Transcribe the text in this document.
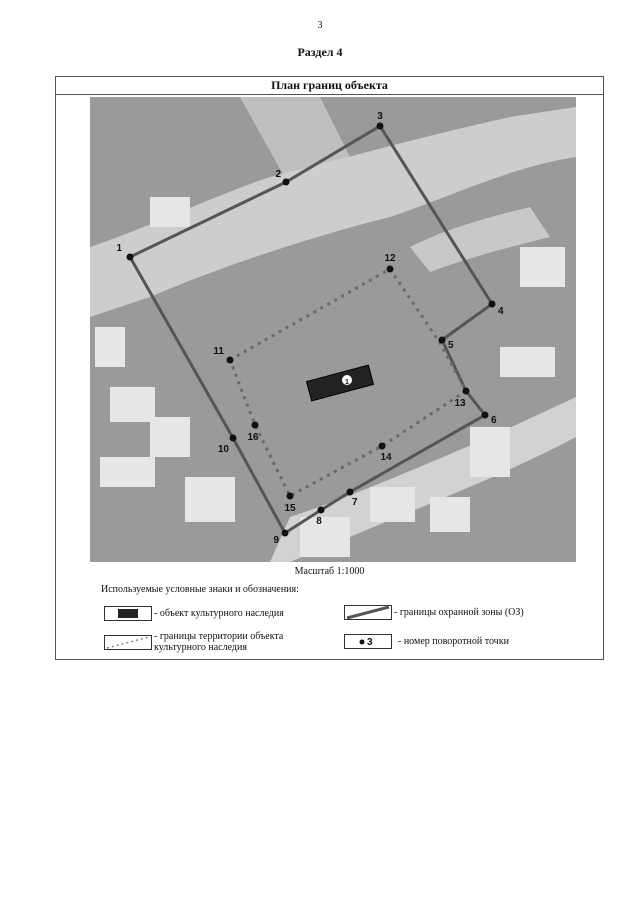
3
Раздел 4
План границ объекта
1
1
2
3
4
5
6
7
8
9
10
11
12
13
14
15
16
Масштаб 1:1000
Используемые условные знаки и обозначения:
- объект культурного наследия	- границы охранной зоны (ОЗ)
- границы территории объекта культурного наследия	3	- номер поворотной точки
